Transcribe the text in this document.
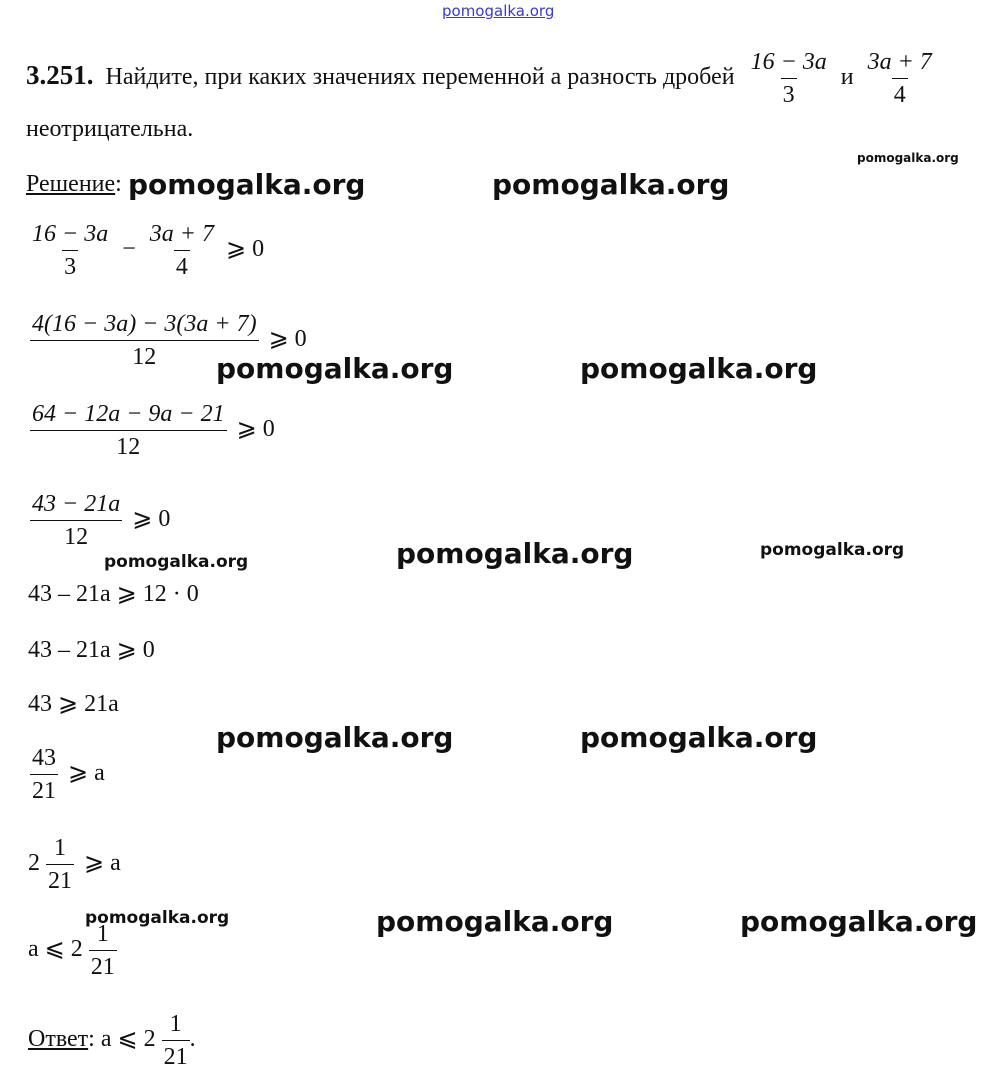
pomogalka.org
3.251. Найдите, при каких значениях переменной а разность дробей $\frac{16 - 3a}{3}$ и $\frac{3a + 7}{4}$
неотрицательна.
pomogalka.org
Решение: pomogalka.org	pomogalka.org
$\frac{16 - 3a}{3} - \frac{3a + 7}{4}$ ⩾ 0
$\frac{4(16 - 3a) - 3(3a + 7)}{12}$ ⩾ 0
pomogalka.org	pomogalka.org
$\frac{64 - 12a - 9a - 21}{12}$ ⩾ 0
$\frac{43 - 21a}{12}$ ⩾ 0
pomogalka.org	pomogalka.org	pomogalka.org
43 – 21a ⩾ 12 · 0
43 – 21a ⩾ 0
43 ⩾ 21a
pomogalka.org	pomogalka.org
$\frac{43}{21}$ ⩾ a
$2 \frac{1}{21}$ ⩾ a
pomogalka.org	pomogalka.org	pomogalka.org
a ⩽ $2 \frac{1}{21}$
Ответ: a ⩽ $2 \frac{1}{21}$ .
